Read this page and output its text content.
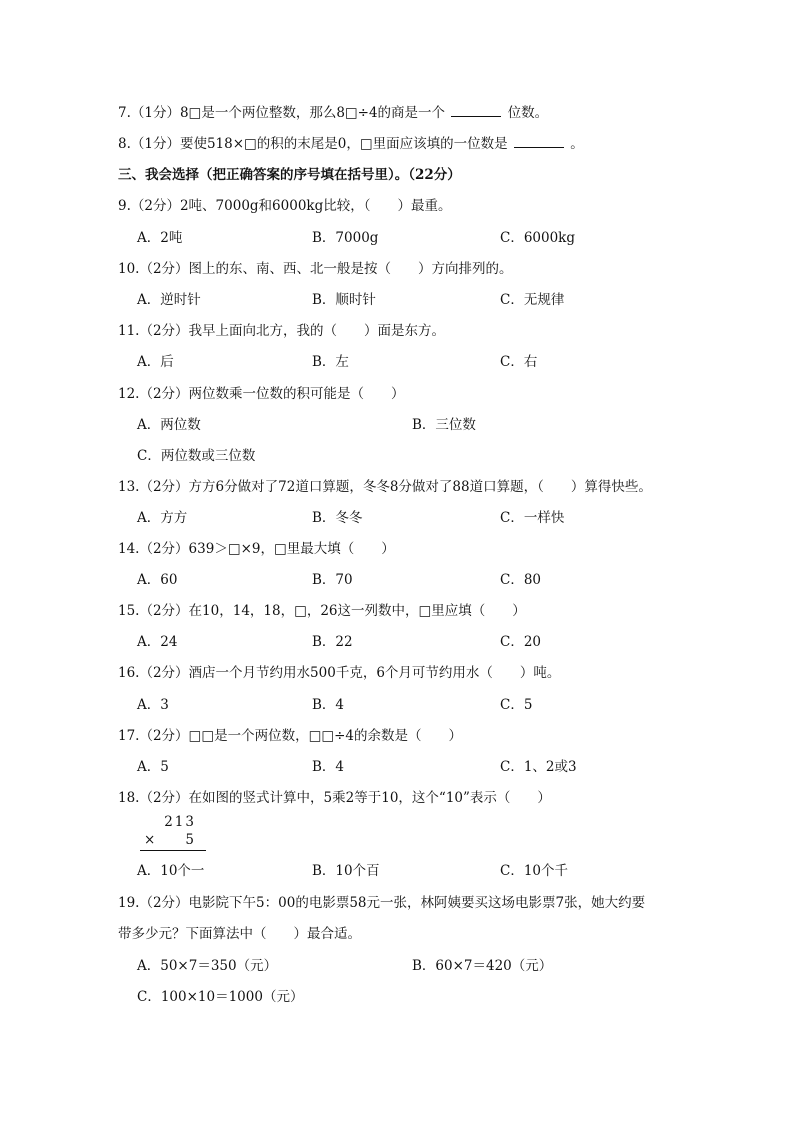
7.（1分）8□是一个两位整数，那么8□÷4的商是一个	位数。
8.（1分）要使518×□的积的末尾是0，□里面应该填的一位数是	。
三、我会选择（把正确答案的序号填在括号里）。（22分）
9.（2分）2吨、7000g和6000kg比较，（　　）最重。
A．2吨	B．7000g	C．6000kg
10.（2分）图上的东、南、西、北一般是按（　　）方向排列的。
A．逆时针	B．顺时针	C．无规律
11.（2分）我早上面向北方，我的（　　）面是东方。
A．后	B．左	C．右
12.（2分）两位数乘一位数的积可能是（　　）
A．两位数	B．三位数
C．两位数或三位数
13.（2分）方方6分做对了72道口算题，冬冬8分做对了88道口算题，（　　）算得快些。
A．方方	B．冬冬	C．一样快
14.（2分）639＞□×9，□里最大填（　　）
A．60	B．70	C．80
15.（2分）在10，14，18，□，26这一列数中，□里应填（　　）
A．24	B．22	C．20
16.（2分）酒店一个月节约用水500千克，6个月可节约用水（　　）吨。
A．3	B．4	C．5
17.（2分）□□是一个两位数，□□÷4的余数是（　　）
A．5	B．4	C．1、2或3
18.（2分）在如图的竖式计算中，5乘2等于10，这个“10”表示（　　）
213
× 5
A．10个一	B．10个百	C．10个千
19.（2分）电影院下午5：00的电影票58元一张，林阿姨要买这场电影票7张，她大约要
带多少元？下面算法中（　　）最合适。
A．50×7＝350（元）	B．60×7＝420（元）
C．100×10＝1000（元）
